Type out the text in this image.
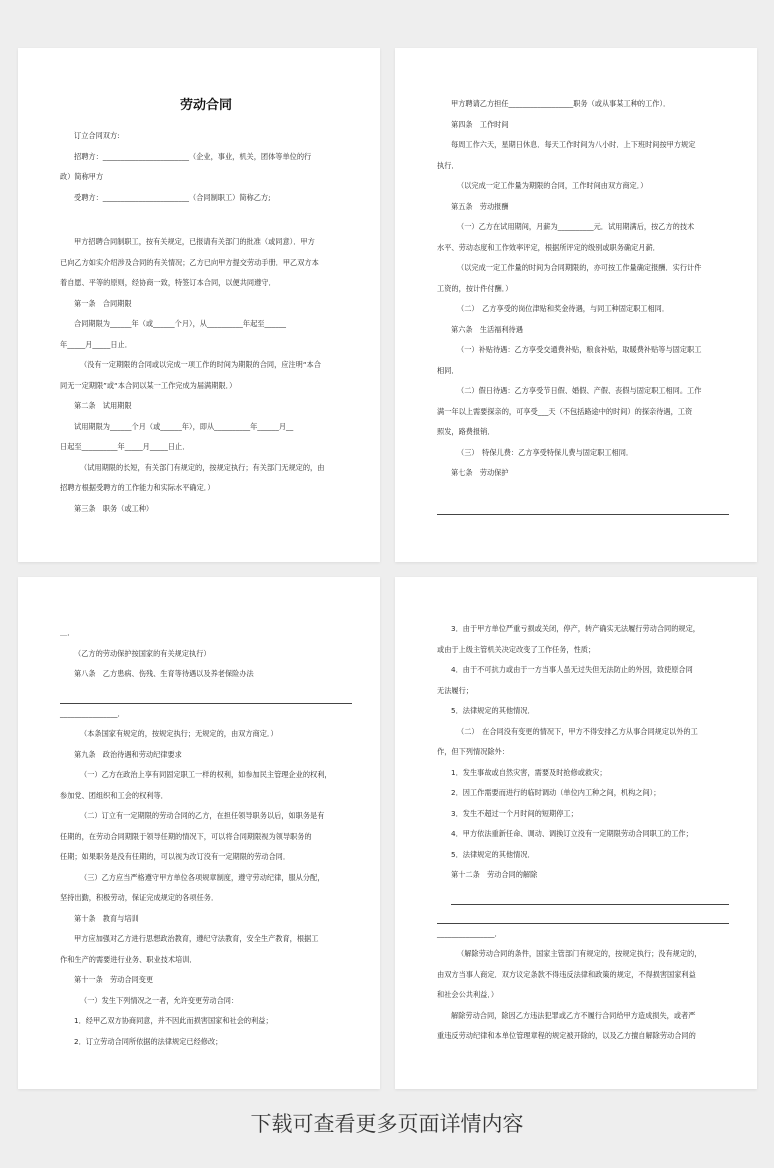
劳动合同

订立合同双方:

招聘方：________________________（企业，事业，机关，团体等单位的行

政）简称甲方

受聘方：________________________（合同制职工）简称乙方;

甲方招聘合同制职工，按有关规定，已报请有关部门的批准（或同意）．甲方

已向乙方如实介绍涉及合同的有关情况；乙方已向甲方提交劳动手册．甲乙双方本

着自愿、平等的原则，经协商一致，特签订本合同，以便共同遵守．

第一条　合同期限

合同期限为______年（或______个月），从__________年起至______

年_____月_____日止．

（没有一定期限的合同或以完成一项工作的时间为期限的合同，应注明“本合

同无一定期限”或“本合同以某一工作完成为届满期限．）

第二条　试用期限

试用期限为______个月（或______年），即从__________年______月__

日起至__________年_____月_____日止．

（试用期限的长短，有关部门有规定的，按规定执行；有关部门无规定的，由

招聘方根据受聘方的工作能力和实际水平确定．）

第三条　职务（或工种）

甲方聘请乙方担任__________________职务（或从事某工种的工作）．

第四条　工作时间

每周工作六天，星期日休息．每天工作时间为八小时．上下班时间按甲方规定

执行．

（以完成一定工作量为期限的合同，工作时间由双方商定．）

第五条　劳动报酬

（一）乙方在试用期间，月薪为__________元．试用期满后，按乙方的技术

水平、劳动态度和工作效率评定，根据所评定的级别或职务确定月薪．

（以完成一定工作量的时间为合同期限的，亦可按工作量确定报酬．实行计件

工资的，按计件付酬．）

（二）　乙方享受的岗位津贴和奖金待遇，与同工种固定职工相同．

第六条　生活福利待遇

（一）补贴待遇：乙方享受交通费补贴，粮食补贴，取暖费补贴等与固定职工

相同．

（二）假日待遇：乙方享受节日假、婚假、产假、丧假与固定职工相同。工作

满一年以上需要探亲的，可享受___天（不包括路途中的时间）的探亲待遇，工资

照发，路费报销．

（三）　特保儿费：乙方享受特保儿费与固定职工相同．

第七条　劳动保护

＿．

（乙方的劳动保护按国家的有关规定执行）

第八条　乙方患病、伤残、生育等待遇以及养老保险办法

________________．

（本条国家有规定的，按规定执行；无规定的，由双方商定．）

第九条　政治待遇和劳动纪律要求

（一）乙方在政治上享有同固定职工一样的权利，如参加民主管理企业的权利，

参加党、团组织和工会的权利等．

（二）订立有一定期限的劳动合同的乙方，在担任领导职务以后，如职务是有

任期的，在劳动合同期限于领导任期的情况下，可以将合同期限视为领导职务的

任期；如果职务是没有任期的，可以视为改订没有一定期限的劳动合同．

（三）乙方应当严格遵守甲方单位各项规章制度，遵守劳动纪律，服从分配，

坚持出勤，积极劳动，保证完成规定的各项任务．

第十条　教育与培训

甲方应加强对乙方进行思想政治教育，遵纪守法教育，安全生产教育，根据工

作和生产的需要进行业务、职业技术培训．

第十一条　劳动合同变更

（一）发生下列情况之一者，允许变更劳动合同：

1．经甲乙双方协商同意，并不因此而损害国家和社会的利益；

2．订立劳动合同所依据的法律规定已经修改；

3．由于甲方单位严重亏损或关闭，停产，转产确实无法履行劳动合同的规定，

或由于上级主管机关决定改变了工作任务，性质；

4．由于不可抗力或由于一方当事人虽无过失但无法防止的外因，致使原合同

无法履行；

5．法律规定的其他情况．

（二）　在合同没有变更的情况下，甲方不得安排乙方从事合同规定以外的工

作，但下列情况除外：

1．发生事故或自然灾害，需要及时抢修或救灾；

2．因工作需要而进行的临时调动（单位内工种之间，机构之间）；

3．发生不超过一个月时间的短期停工；

4．甲方依法重新任命、调动、调换订立没有一定期限劳动合同职工的工作；

5．法律规定的其他情况．

第十二条　劳动合同的解除

________________．

（解除劳动合同的条件，国家主管部门有规定的，按规定执行；没有规定的，

由双方当事人商定．双方议定条款不得违反法律和政策的规定，不得损害国家利益

和社会公共利益．）

解除劳动合同，除因乙方违法犯罪或乙方不履行合同给甲方造成损失，或者严

重违反劳动纪律和本单位管理章程的规定被开除的，以及乙方擅自解除劳动合同的

下载可查看更多页面详情内容
